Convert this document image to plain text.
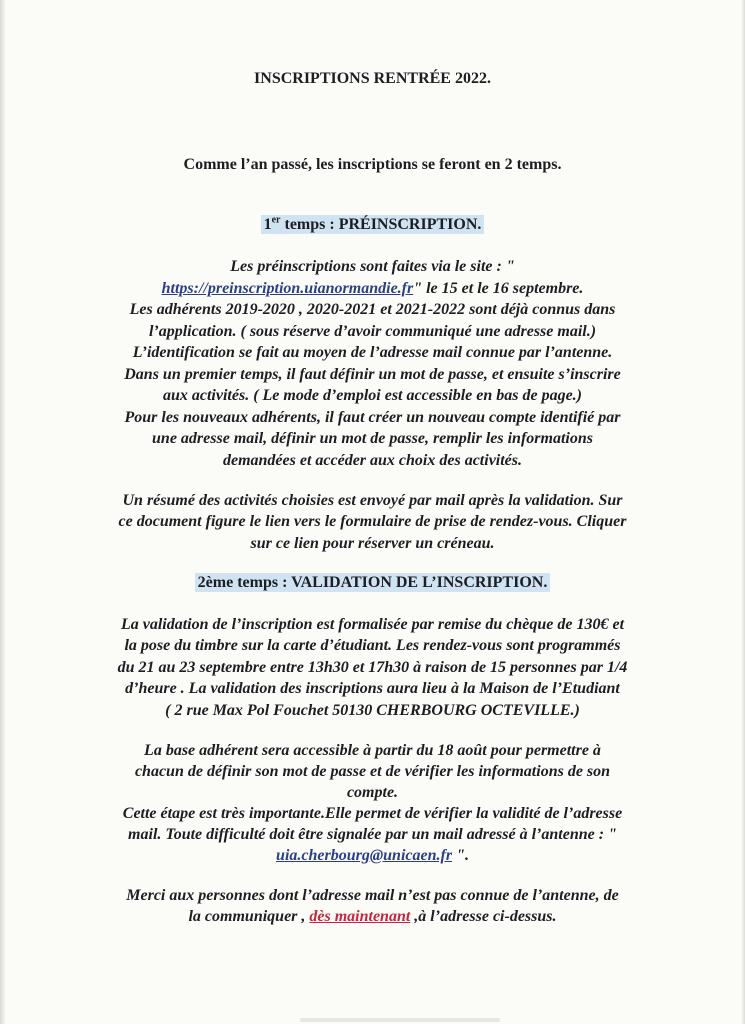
INSCRIPTIONS RENTRÉE 2022.
Comme l’an passé, les inscriptions se feront en 2 temps.
1er temps : PRÉINSCRIPTION.
Les préinscriptions sont faites via le site : "
https://preinscription.uianormandie.fr" le 15 et le 16 septembre.
Les adhérents 2019-2020 , 2020-2021 et 2021-2022 sont déjà connus dans
l’application. ( sous réserve d’avoir communiqué une adresse mail.)
L’identification se fait au moyen de l’adresse mail connue par l’antenne.
Dans un premier temps, il faut définir un mot de passe, et ensuite s’inscrire
aux activités. ( Le mode d’emploi est accessible en bas de page.)
Pour les nouveaux adhérents, il faut créer un nouveau compte identifié par
une adresse mail, définir un mot de passe, remplir les informations
demandées et accéder aux choix des activités.
Un résumé des activités choisies est envoyé par mail après la validation. Sur
ce document figure le lien vers le formulaire de prise de rendez-vous. Cliquer
sur ce lien pour réserver un créneau.
2ème temps : VALIDATION DE L’INSCRIPTION.
La validation de l’inscription est formalisée par remise du chèque de 130€ et
la pose du timbre sur la carte d’étudiant. Les rendez-vous sont programmés
du 21 au 23 septembre entre 13h30 et 17h30 à raison de 15 personnes par 1/4
d’heure . La validation des inscriptions aura lieu à la Maison de l’Etudiant
( 2 rue Max Pol Fouchet 50130 CHERBOURG OCTEVILLE.)
La base adhérent sera accessible à partir du 18 août pour permettre à
chacun de définir son mot de passe et de vérifier les informations de son
compte.
Cette étape est très importante.Elle permet de vérifier la validité de l’adresse
mail. Toute difficulté doit être signalée par un mail adressé à l’antenne : "
uia.cherbourg@unicaen.fr ".
Merci aux personnes dont l’adresse mail n’est pas connue de l’antenne, de
la communiquer , dès maintenant ,à l’adresse ci-dessus.
